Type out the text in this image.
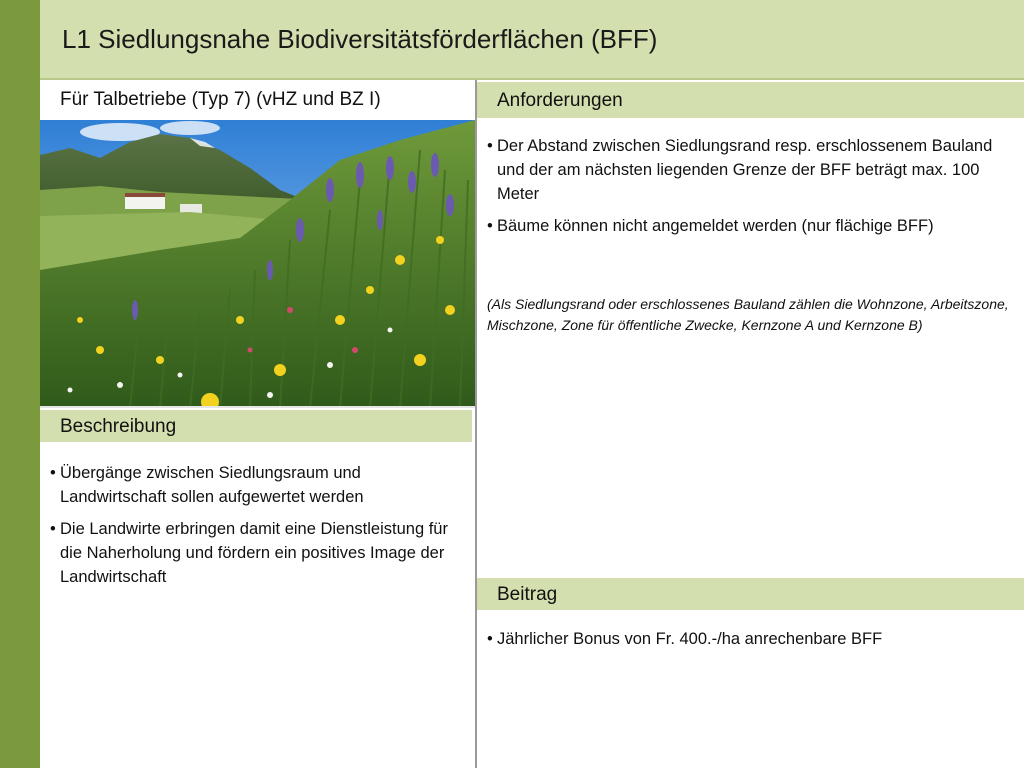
L1 Siedlungsnahe Biodiversitätsförderflächen (BFF)
Für Talbetriebe (Typ 7) (vHZ und BZ I)	Anforderungen
• Der Abstand zwischen Siedlungsrand resp. erschlossenem Bauland und der am nächsten liegenden Grenze der BFF beträgt max. 100 Meter
• Bäume können nicht angemeldet werden (nur flächige BFF)
(Als Siedlungsrand oder erschlossenes Bauland zählen die Wohnzone, Arbeitszone, Mischzone, Zone für öffentliche Zwecke, Kernzone A und Kernzone B)
Beschreibung
• Übergänge zwischen Siedlungsraum und Landwirtschaft sollen aufgewertet werden
• Die Landwirte erbringen damit eine Dienstleistung für die Naherholung und fördern ein positives Image der Landwirtschaft
Beitrag
• Jährlicher Bonus von Fr. 400.-/ha anrechenbare BFF
